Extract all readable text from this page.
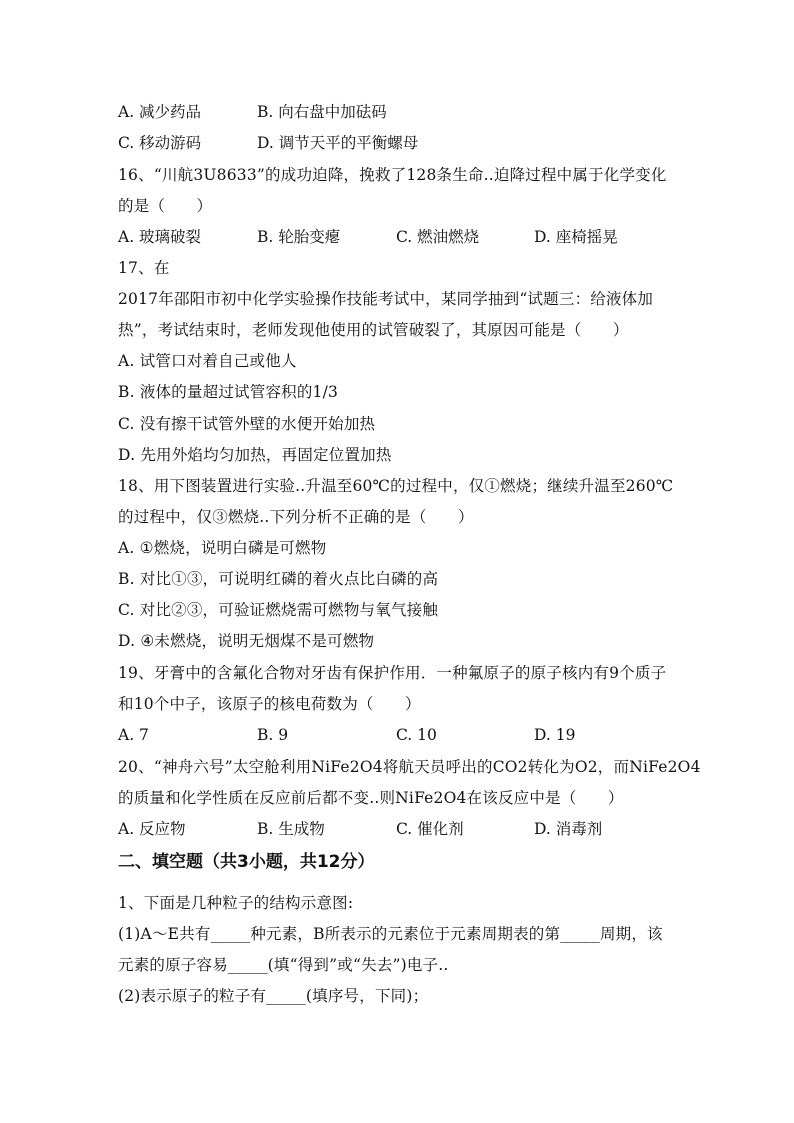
A. 减少药品	B. 向右盘中加砝码
C. 移动游码	D. 调节天平的平衡螺母
16、“川航3U8633”的成功迫降，挽救了128条生命..迫降过程中属于化学变化
的是（　　）
A. 玻璃破裂	B. 轮胎变瘪	C. 燃油燃烧	D. 座椅摇晃
17、在
2017年邵阳市初中化学实验操作技能考试中，某同学抽到“试题三：给液体加
热”，考试结束时，老师发现他使用的试管破裂了，其原因可能是（　　）
A. 试管口对着自己或他人
B. 液体的量超过试管容积的1/3
C. 没有擦干试管外壁的水便开始加热
D. 先用外焰均匀加热，再固定位置加热
18、用下图装置进行实验..升温至60℃的过程中，仅①燃烧；继续升温至260℃
的过程中，仅③燃烧..下列分析不正确的是（　　）
A. ①燃烧，说明白磷是可燃物
B. 对比①③，可说明红磷的着火点比白磷的高
C. 对比②③，可验证燃烧需可燃物与氧气接触
D. ④未燃烧，说明无烟煤不是可燃物
19、牙膏中的含氟化合物对牙齿有保护作用．一种氟原子的原子核内有9个质子
和10个中子，该原子的核电荷数为（　　）
A. 7	B. 9	C. 10	D. 19
20、“神舟六号”太空舱利用NiFe2O4将航天员呼出的CO2转化为O2，而NiFe2O4
的质量和化学性质在反应前后都不变..则NiFe2O4在该反应中是（　　）
A. 反应物	B. 生成物	C. 催化剂	D. 消毒剂
二、填空题（共3小题，共12分）
1、下面是几种粒子的结构示意图:
(1)A～E共有_____种元素，B所表示的元素位于元素周期表的第_____周期，该
元素的原子容易_____(填“得到”或“失去”)电子..
(2)表示原子的粒子有_____(填序号，下同)；
